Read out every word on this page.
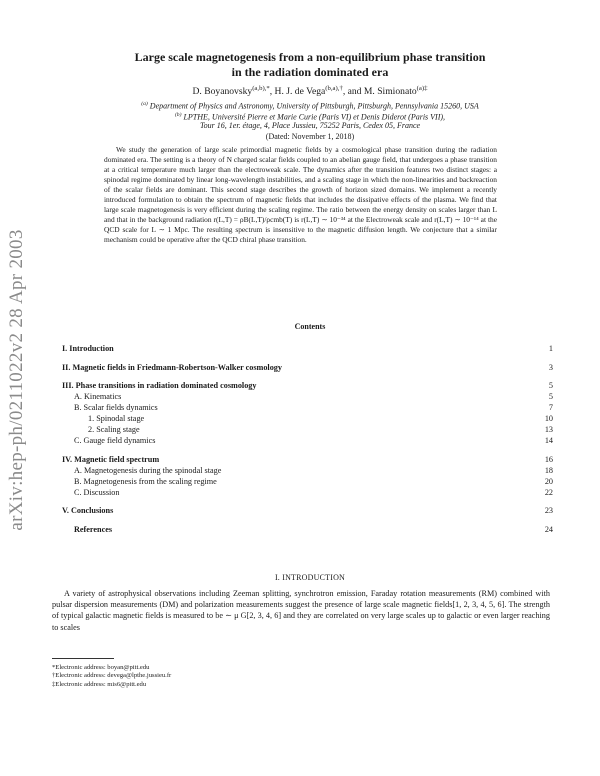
arXiv:hep-ph/0211022v2 28 Apr 2003
Large scale magnetogenesis from a non-equilibrium phase transition
in the radiation dominated era
D. Boyanovsky$^{(a,b),*}$, H. J. de Vega$^{(b,a),\dagger}$, and M. Simionato$^{(a)\ddagger}$
$^{(a)}$ Department of Physics and Astronomy, University of Pittsburgh, Pittsburgh, Pennsylvania 15260, USA
$^{(b)}$ LPTHE, Université Pierre et Marie Curie (Paris VI) et Denis Diderot (Paris VII),
Tour 16, 1er. étage, 4, Place Jussieu, 75252 Paris, Cedex 05, France
(Dated: November 1, 2018)

We study the generation of large scale primordial magnetic fields by a cosmological phase transition during the radiation dominated era. The setting is a theory of N charged scalar fields coupled to an abelian gauge field, that undergoes a phase transition at a critical temperature much larger than the electroweak scale. The dynamics after the transition features two distinct stages: a spinodal regime dominated by linear long-wavelength instabilities, and a scaling stage in which the non-linearities and backreaction of the scalar fields are dominant. This second stage describes the growth of horizon sized domains. We implement a recently introduced formulation to obtain the spectrum of magnetic fields that includes the dissipative effects of the plasma. We find that large scale magnetogenesis is very efficient during the scaling regime. The ratio between the energy density on scales larger than L and that in the background radiation r(L,T) = ρB(L,T)/ρcmb(T) is r(L,T) ∼ 10⁻³⁴ at the Electroweak scale and r(L,T) ∼ 10⁻¹⁴ at the QCD scale for L ∼ 1 Mpc. The resulting spectrum is insensitive to the magnetic diffusion length. We conjecture that a similar mechanism could be operative after the QCD chiral phase transition.

Contents
I. Introduction	1
II. Magnetic fields in Friedmann-Robertson-Walker cosmology	3
III. Phase transitions in radiation dominated cosmology	5
A. Kinematics	5
B. Scalar fields dynamics	7
1. Spinodal stage	10
2. Scaling stage	13
C. Gauge field dynamics	14
IV. Magnetic field spectrum	16
A. Magnetogenesis during the spinodal stage	18
B. Magnetogenesis from the scaling regime	20
C. Discussion	22
V. Conclusions	23
References	24
I. INTRODUCTION

A variety of astrophysical observations including Zeeman splitting, synchrotron emission, Faraday rotation measurements (RM) combined with pulsar dispersion measurements (DM) and polarization measurements suggest the presence of large scale magnetic fields[1, 2, 3, 4, 5, 6]. The strength of typical galactic magnetic fields is measured to be ∼ μ G[2, 3, 4, 6] and they are correlated on very large scales up to galactic or even larger reaching to scales

*Electronic address: boyan@pitt.edu
†Electronic address: devega@lpthe.jussieu.fr
‡Electronic address: mis6@pitt.edu
